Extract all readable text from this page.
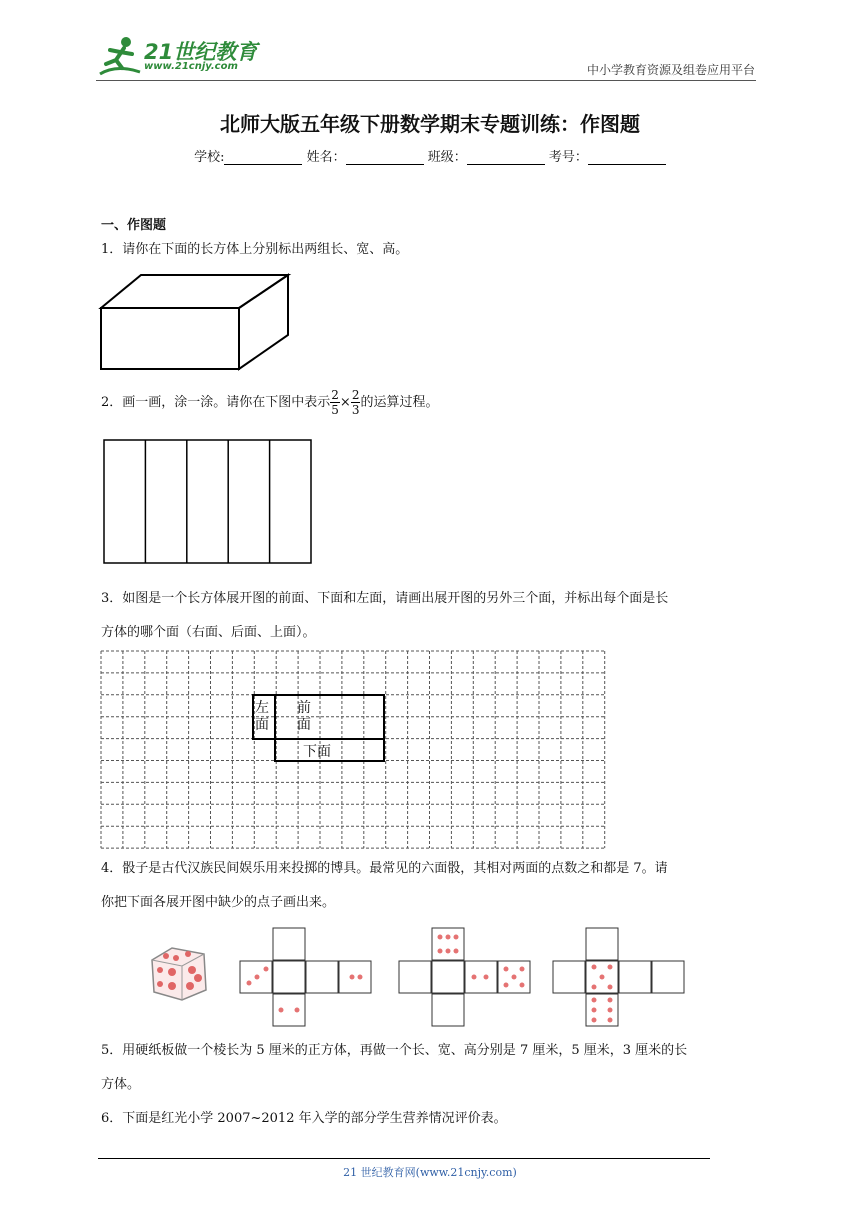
21世纪教育
www.21cnjy.com	中小学教育资源及组卷应用平台
北师大版五年级下册数学期末专题训练：作图题
学校:	姓名：	班级：	考号：
一、作图题
1．请你在下面的长方体上分别标出两组长、宽、高。
2．画一画，涂一涂。请你在下图中表示 $\frac{2}{5} \times \frac{2}{3}$ 的运算过程。
3．如图是一个长方体展开图的前面、下面和左面，请画出展开图的另外三个面，并标出每个面是长
方体的哪个面（右面、后面、上面）。
左
面
前
面
下面
4．骰子是古代汉族民间娱乐用来投掷的博具。最常见的六面骰，其相对两面的点数之和都是 7。请
你把下面各展开图中缺少的点子画出来。
5．用硬纸板做一个棱长为 5 厘米的正方体，再做一个长、宽、高分别是 7 厘米，5 厘米，3 厘米的长
方体。
6．下面是红光小学 2007~2012 年入学的部分学生营养情况评价表。
21 世纪教育网(www.21cnjy.com)
